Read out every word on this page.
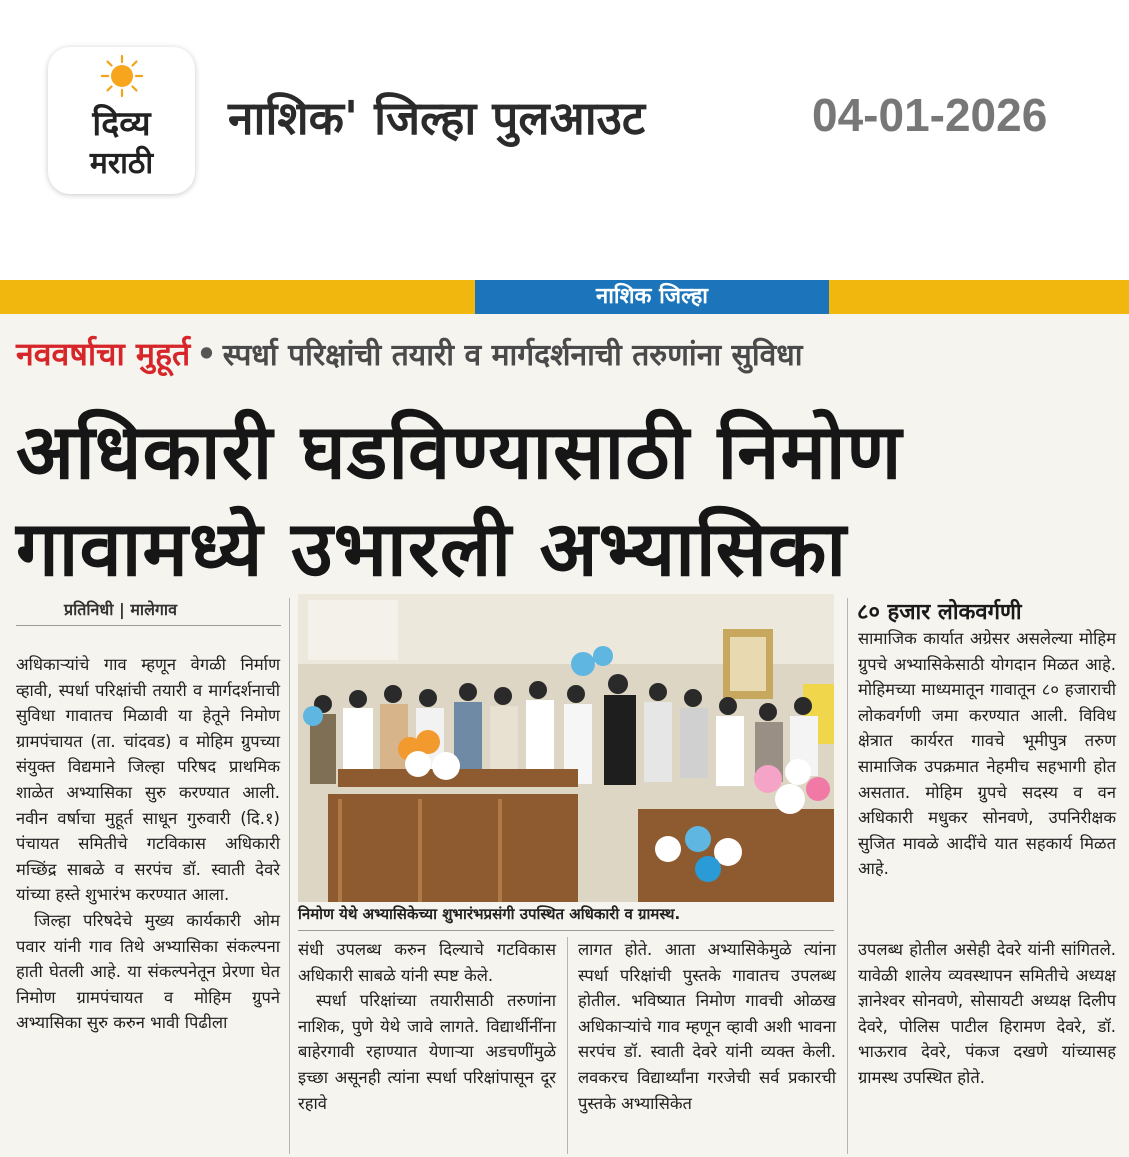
दिव्य
मराठी
नाशिक' जिल्हा पुलआउट	04-01-2026
नाशिक जिल्हा
नववर्षाचा मुहूर्त • स्पर्धा परिक्षांची तयारी व मार्गदर्शनाची तरुणांना सुविधा
अधिकारी घडविण्यासाठी निमोण
गावामध्ये उभारली अभ्यासिका
प्रतिनिधी | मालेगाव

अधिकाऱ्यांचे गाव म्हणून वेगळी निर्माण व्हावी, स्पर्धा परिक्षांची तयारी व मार्गदर्शनाची सुविधा गावातच मिळावी या हेतूने निमोण ग्रामपंचायत (ता. चांदवड) व मोहिम ग्रुपच्या संयुक्त विद्यमाने जिल्हा परिषद प्राथमिक शाळेत अभ्यासिका सुरु करण्यात आली. नवीन वर्षाचा मुहूर्त साधून गुरुवारी (दि.१) पंचायत समितीचे गटविकास अधिकारी मच्छिंद्र साबळे व सरपंच डॉ. स्वाती देवरे यांच्या हस्ते शुभारंभ करण्यात आला.

जिल्हा परिषदेचे मुख्य कार्यकारी ओम पवार यांनी गाव तिथे अभ्यासिका संकल्पना हाती घेतली आहे. या संकल्पनेतून प्रेरणा घेत निमोण ग्रामपंचायत व मोहिम ग्रुपने अभ्यासिका सुरु करुन भावी पिढीला

निमोण येथे अभ्यासिकेच्या शुभारंभप्रसंगी उपस्थित अधिकारी व ग्रामस्थ.

संधी उपलब्ध करुन दिल्याचे गटविकास अधिकारी साबळे यांनी स्पष्ट केले.

स्पर्धा परिक्षांच्या तयारीसाठी तरुणांना नाशिक, पुणे येथे जावे लागते. विद्यार्थीनींना बाहेरगावी रहाण्यात येणाऱ्या अडचणींमुळे इच्छा असूनही त्यांना स्पर्धा परिक्षांपासून दूर रहावे

लागत होते. आता अभ्यासिकेमुळे त्यांना स्पर्धा परिक्षांची पुस्तके गावातच उपलब्ध होतील. भविष्यात निमोण गावची ओळख अधिकाऱ्यांचे गाव म्हणून व्हावी अशी भावना सरपंच डॉ. स्वाती देवरे यांनी व्यक्त केली. लवकरच विद्यार्थ्यांना गरजेची सर्व प्रकारची पुस्तके अभ्यासिकेत

उपलब्ध होतील असेही देवरे यांनी सांगितले. यावेळी शालेय व्यवस्थापन समितीचे अध्यक्ष ज्ञानेश्वर सोनवणे, सोसायटी अध्यक्ष दिलीप देवरे, पोलिस पाटील हिरामण देवरे, डॉ. भाऊराव देवरे, पंकज दखणे यांच्यासह ग्रामस्थ उपस्थित होते.

८० हजार लोकवर्गणी

सामाजिक कार्यात अग्रेसर असलेल्या मोहिम ग्रुपचे अभ्यासिकेसाठी योगदान मिळत आहे. मोहिमच्या माध्यमातून गावातून ८० हजाराची लोकवर्गणी जमा करण्यात आली. विविध क्षेत्रात कार्यरत गावचे भूमीपुत्र तरुण सामाजिक उपक्रमात नेहमीच सहभागी होत असतात. मोहिम ग्रुपचे सदस्य व वन अधिकारी मधुकर सोनवणे, उपनिरीक्षक सुजित मावळे आदींचे यात सहकार्य मिळत आहे.
